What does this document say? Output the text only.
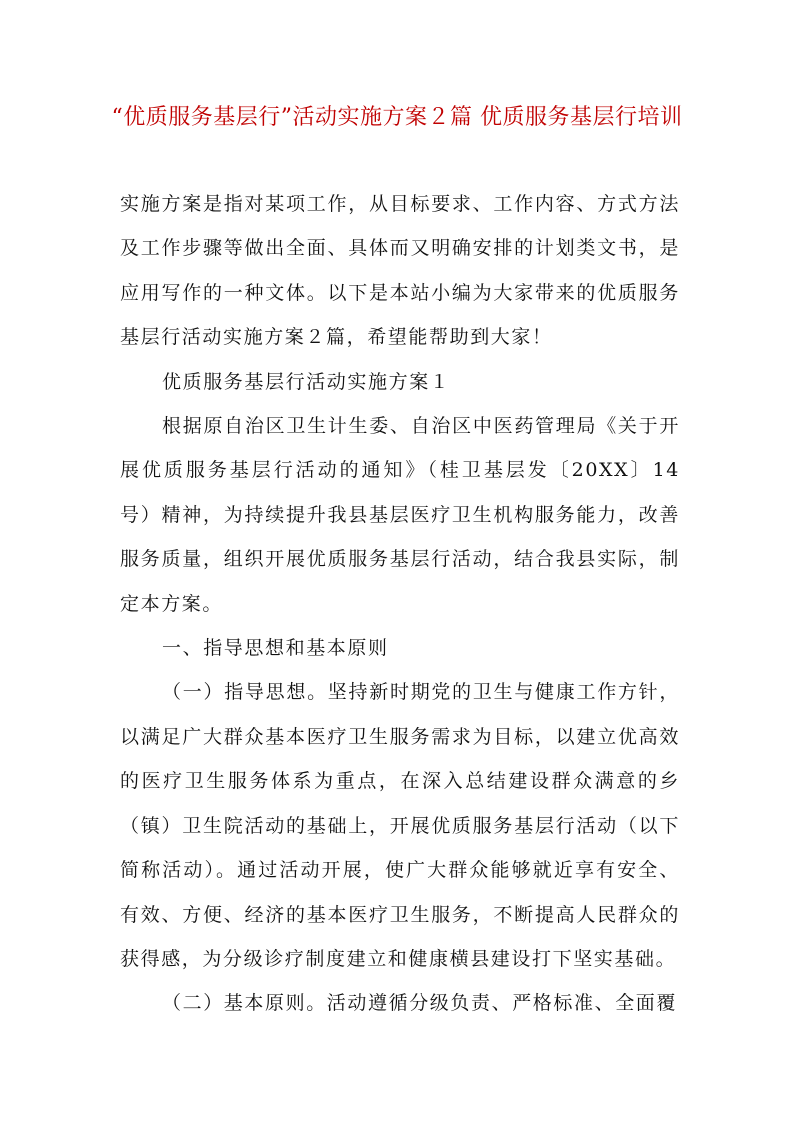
“优质服务基层行”活动实施方案２篇 优质服务基层行培训

实施方案是指对某项工作，从目标要求、工作内容、方式方法及工作步骤等做出全面、具体而又明确安排的计划类文书，是应用写作的一种文体。以下是本站小编为大家带来的优质服务基层行活动实施方案２篇，希望能帮助到大家！

优质服务基层行活动实施方案１

根据原自治区卫生计生委、自治区中医药管理局《关于开展优质服务基层行活动的通知》（桂卫基层发〔20XX〕14号）精神，为持续提升我县基层医疗卫生机构服务能力，改善服务质量，组织开展优质服务基层行活动，结合我县实际，制定本方案。

一、指导思想和基本原则

（一）指导思想。坚持新时期党的卫生与健康工作方针，以满足广大群众基本医疗卫生服务需求为目标，以建立优高效的医疗卫生服务体系为重点，在深入总结建设群众满意的乡（镇）卫生院活动的基础上，开展优质服务基层行活动（以下简称活动）。通过活动开展，使广大群众能够就近享有安全、有效、方便、经济的基本医疗卫生服务，不断提高人民群众的获得感，为分级诊疗制度建立和健康横县建设打下坚实基础。

（二）基本原则。活动遵循分级负责、严格标准、全面覆
